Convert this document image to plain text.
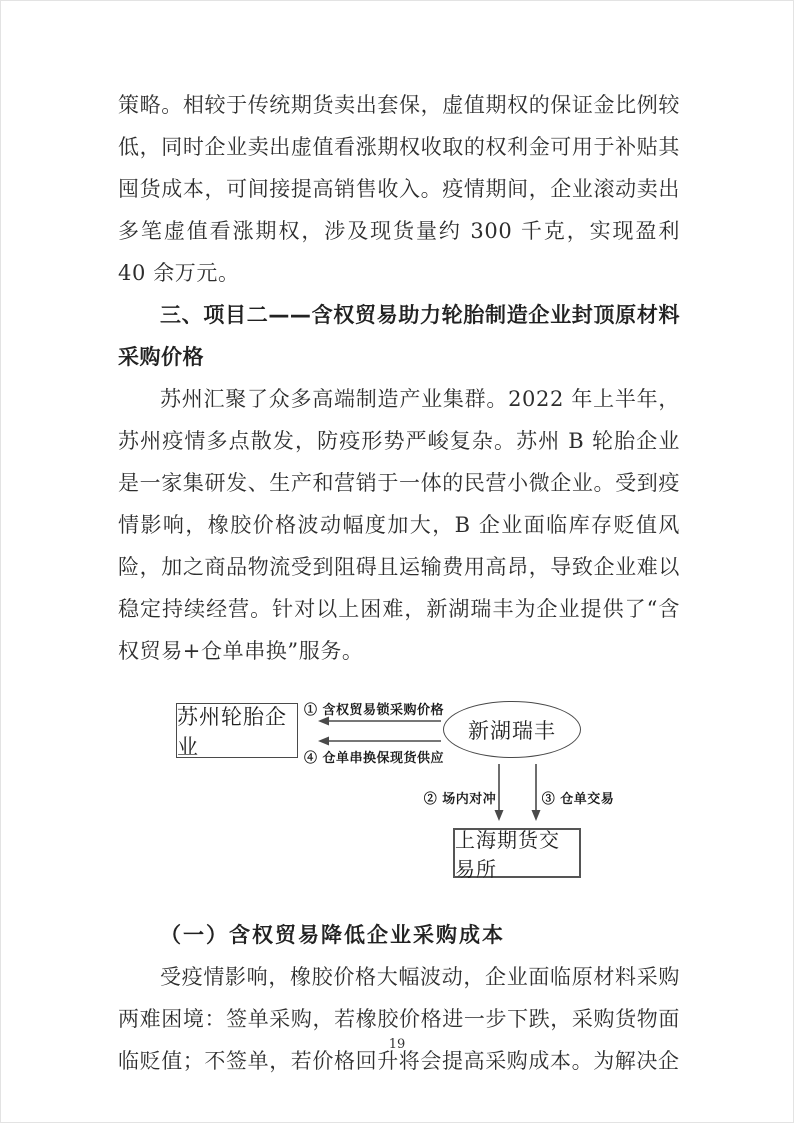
策略。相较于传统期货卖出套保，虚值期权的保证金比例较低，同时企业卖出虚值看涨期权收取的权利金可用于补贴其囤货成本，可间接提高销售收入。疫情期间，企业滚动卖出多笔虚值看涨期权，涉及现货量约 300 千克，实现盈利 40 余万元。

三、项目二——含权贸易助力轮胎制造企业封顶原材料采购价格

苏州汇聚了众多高端制造产业集群。2022 年上半年，苏州疫情多点散发，防疫形势严峻复杂。苏州 B 轮胎企业是一家集研发、生产和营销于一体的民营小微企业。受到疫情影响，橡胶价格波动幅度加大，B 企业面临库存贬值风险，加之商品物流受到阻碍且运输费用高昂，导致企业难以稳定持续经营。针对以上困难，新湖瑞丰为企业提供了“含权贸易+仓单串换”服务。

苏州轮胎企业
新湖瑞丰
上海期货交易所
① 含权贸易锁采购价格
④ 仓单串换保现货供应
② 场内对冲	③ 仓单交易
（一）含权贸易降低企业采购成本

受疫情影响，橡胶价格大幅波动，企业面临原材料采购两难困境：签单采购，若橡胶价格进一步下跌，采购货物面临贬值；不签单，若价格回升将会提高采购成本。为解决企

19
